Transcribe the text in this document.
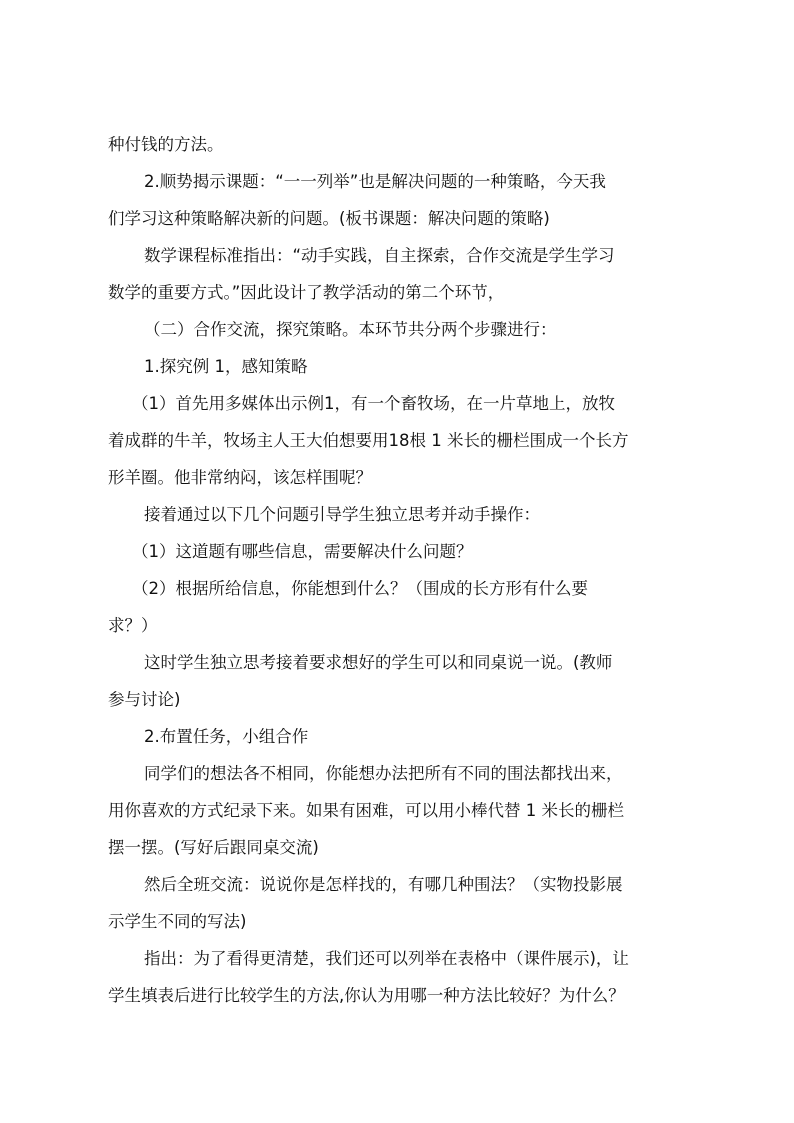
种付钱的方法。
2.顺势揭示课题：“一一列举”也是解决问题的一种策略，今天我
们学习这种策略解决新的问题。(板书课题：解决问题的策略)
数学课程标准指出：“动手实践，自主探索，合作交流是学生学习
数学的重要方式。”因此设计了教学活动的第二个环节，
（二）合作交流，探究策略。本环节共分两个步骤进行：
1.探究例 1，感知策略
（1）首先用多媒体出示例1，有一个畜牧场，在一片草地上，放牧
着成群的牛羊，牧场主人王大伯想要用18根 1 米长的栅栏围成一个长方
形羊圈。他非常纳闷，该怎样围呢？
接着通过以下几个问题引导学生独立思考并动手操作：
（1）这道题有哪些信息，需要解决什么问题？
（2）根据所给信息，你能想到什么？（围成的长方形有什么要
求？）
这时学生独立思考接着要求想好的学生可以和同桌说一说。(教师
参与讨论)
2.布置任务，小组合作
同学们的想法各不相同，你能想办法把所有不同的围法都找出来，
用你喜欢的方式纪录下来。如果有困难，可以用小棒代替 1 米长的栅栏
摆一摆。(写好后跟同桌交流)
然后全班交流：说说你是怎样找的，有哪几种围法？（实物投影展
示学生不同的写法)
指出：为了看得更清楚，我们还可以列举在表格中（课件展示)，让
学生填表后进行比较学生的方法,你认为用哪一种方法比较好？为什么？
